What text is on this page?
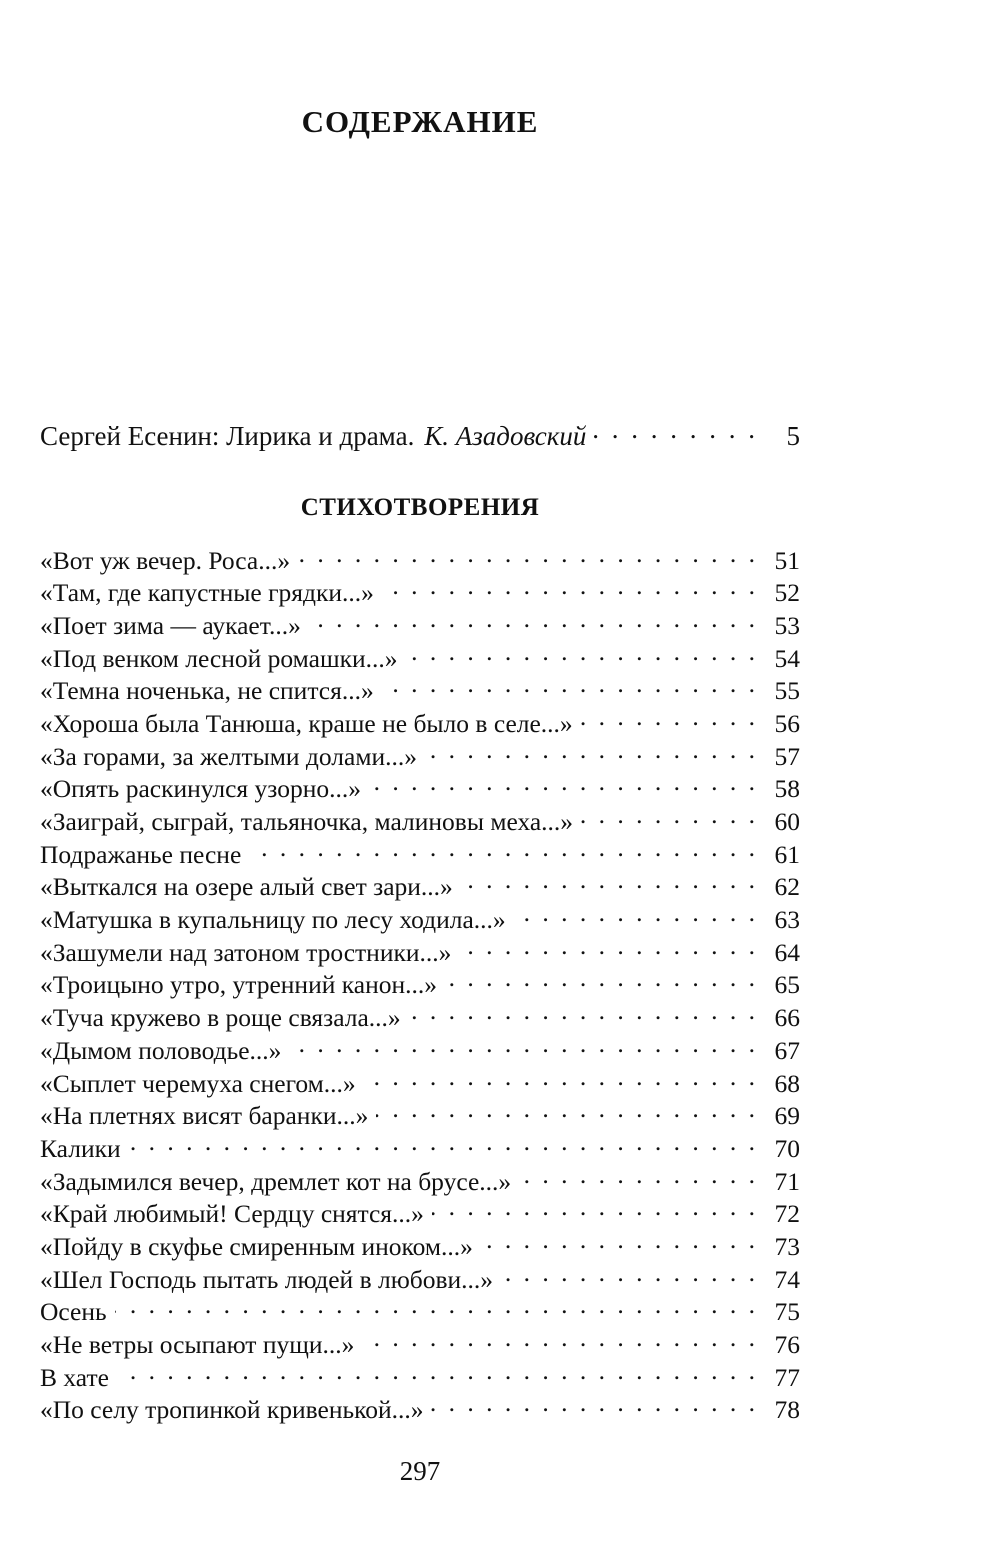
СОДЕРЖАНИЕ
Сергей Есенин: Лирика и драма. К. Азадовский . . .	5
СТИХОТВОРЕНИЯ
«Вот уж вечер. Роса...» . . .	51
«Там, где капустные грядки...» . . .	52
«Поет зима — аукает...» . . .	53
«Под венком лесной ромашки...» . . .	54
«Темна ноченька, не спится...» . . .	55
«Хороша была Танюша, краше не было в селе...» . . .	56
«За горами, за желтыми долами...» . . .	57
«Опять раскинулся узорно...» . . .	58
«Заиграй, сыграй, тальяночка, малиновы меха...» . . .	60
Подражанье песне . . .	61
«Выткался на озере алый свет зари...» . . .	62
«Матушка в купальницу по лесу ходила...» . . .	63
«Зашумели над затоном тростники...» . . .	64
«Троицыно утро, утренний канон...» . . .	65
«Туча кружево в роще связала...» . . .	66
«Дымом половодье...» . . .	67
«Сыплет черемуха снегом...» . . .	68
«На плетнях висят баранки...» . . .	69
Калики . . .	70
«Задымился вечер, дремлет кот на брусе...» . . .	71
«Край любимый! Сердцу снятся...» . . .	72
«Пойду в скуфье смиренным иноком...» . . .	73
«Шел Господь пытать людей в любови...» . . .	74
Осень . . .	75
«Не ветры осыпают пущи...» . . .	76
В хате . . .	77
«По селу тропинкой кривенькой...» . . .	78
297
